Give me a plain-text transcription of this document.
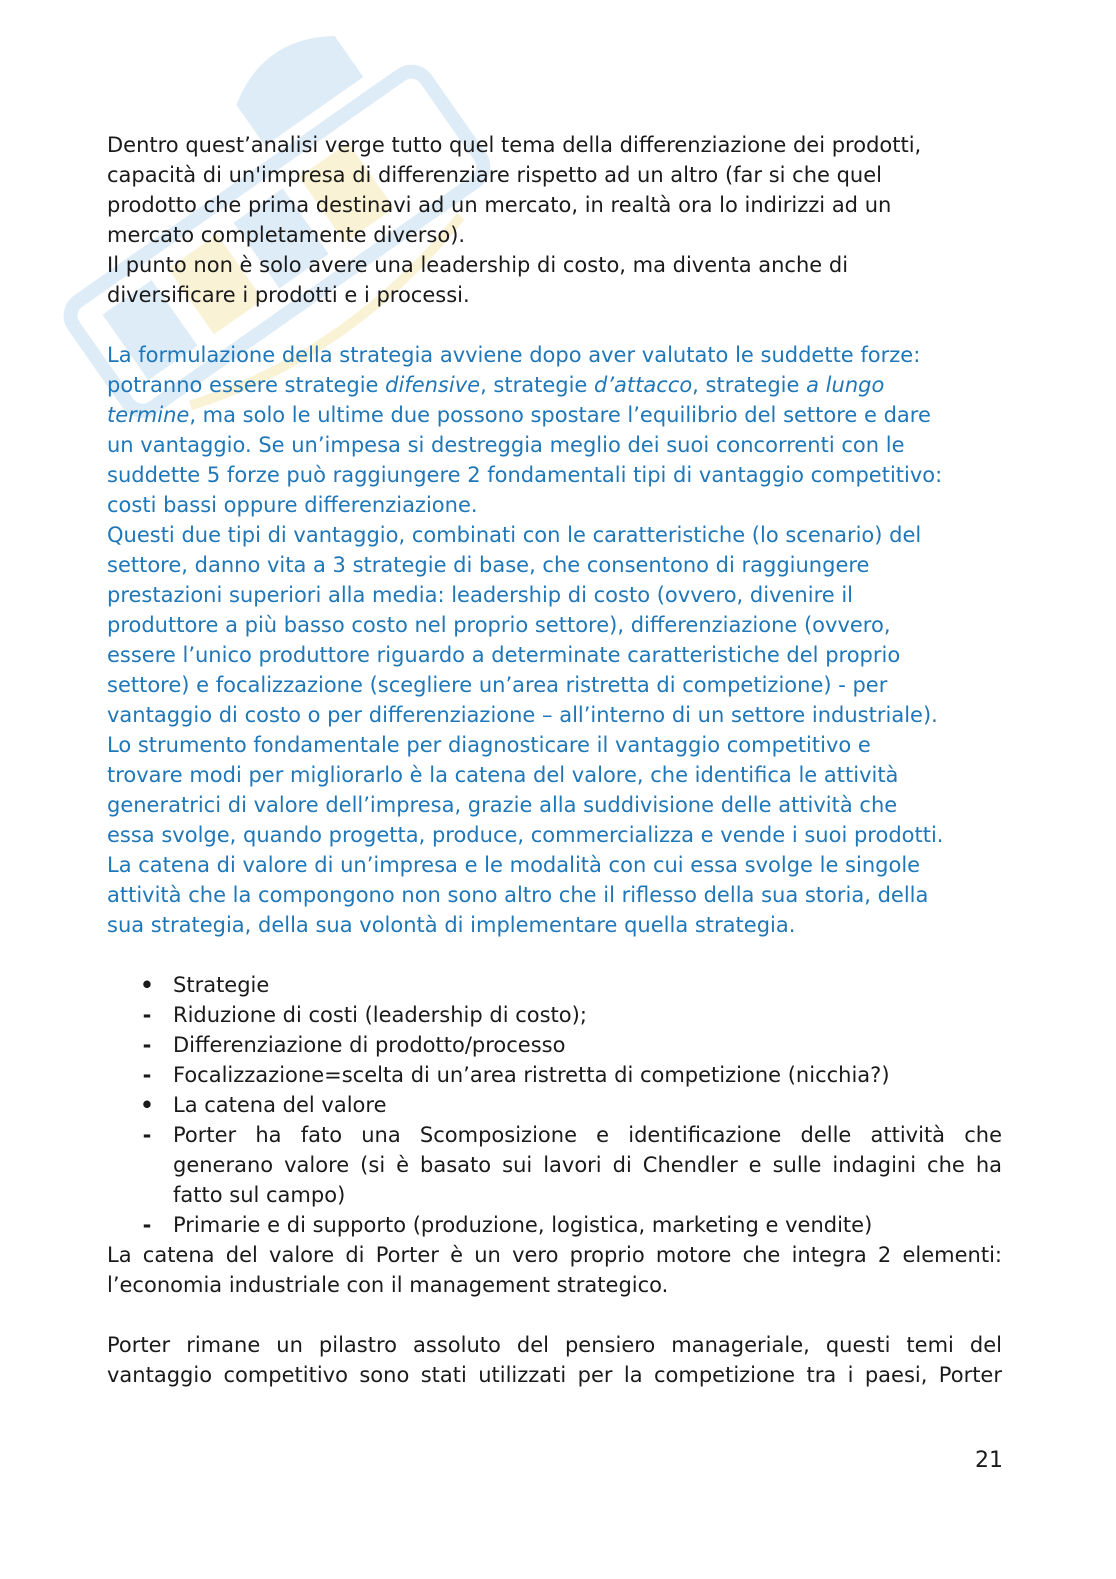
Dentro quest’analisi verge tutto quel tema della differenziazione dei prodotti,
capacità di un'impresa di differenziare rispetto ad un altro (far si che quel
prodotto che prima destinavi ad un mercato, in realtà ora lo indirizzi ad un
mercato completamente diverso).
Il punto non è solo avere una leadership di costo, ma diventa anche di
diversificare i prodotti e i processi.

La formulazione della strategia avviene dopo aver valutato le suddette forze:
potranno essere strategie difensive, strategie d’attacco, strategie a lungo
termine, ma solo le ultime due possono spostare l’equilibrio del settore e dare
un vantaggio. Se un’impesa si destreggia meglio dei suoi concorrenti con le
suddette 5 forze può raggiungere 2 fondamentali tipi di vantaggio competitivo:
costi bassi oppure differenziazione.
Questi due tipi di vantaggio, combinati con le caratteristiche (lo scenario) del
settore, danno vita a 3 strategie di base, che consentono di raggiungere
prestazioni superiori alla media: leadership di costo (ovvero, divenire il
produttore a più basso costo nel proprio settore), differenziazione (ovvero,
essere l’unico produttore riguardo a determinate caratteristiche del proprio
settore) e focalizzazione (scegliere un’area ristretta di competizione) - per
vantaggio di costo o per differenziazione – all’interno di un settore industriale).
Lo strumento fondamentale per diagnosticare il vantaggio competitivo e
trovare modi per migliorarlo è la catena del valore, che identifica le attività
generatrici di valore dell’impresa, grazie alla suddivisione delle attività che
essa svolge, quando progetta, produce, commercializza e vende i suoi prodotti.
La catena di valore di un’impresa e le modalità con cui essa svolge le singole
attività che la compongono non sono altro che il riflesso della sua storia, della
sua strategia, della sua volontà di implementare quella strategia.

• Strategie
- Riduzione di costi (leadership di costo);
- Differenziazione di prodotto/processo
- Focalizzazione=scelta di un’area ristretta di competizione (nicchia?)
• La catena del valore
- Porter ha fato una Scomposizione e identificazione delle attività che
generano valore (si è basato sui lavori di Chendler e sulle indagini che ha
fatto sul campo)
- Primarie e di supporto (produzione, logistica, marketing e vendite)

La catena del valore di Porter è un vero proprio motore che integra 2 elementi:
l’economia industriale con il management strategico.

Porter rimane un pilastro assoluto del pensiero manageriale, questi temi del
vantaggio competitivo sono stati utilizzati per la competizione tra i paesi, Porter

21
